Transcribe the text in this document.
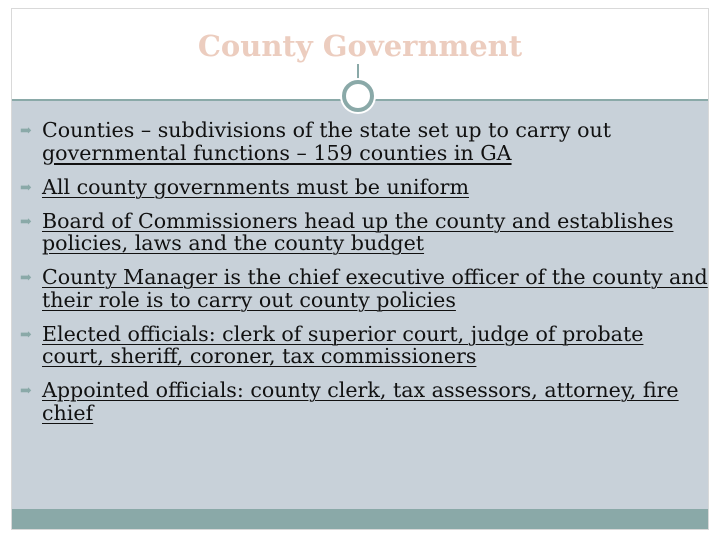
County Government
➡ Counties – subdivisions of the state set up to carry out
governmental functions – 159 counties in GA
➡ All county governments must be uniform
➡ Board of Commissioners head up the county and establishes policies, laws and the county budget
➡ County Manager is the chief executive officer of the county and their role is to carry out county policies
➡ Elected officials: clerk of superior court, judge of probate court, sheriff, coroner, tax commissioners
➡ Appointed officials: county clerk, tax assessors, attorney, fire chief
